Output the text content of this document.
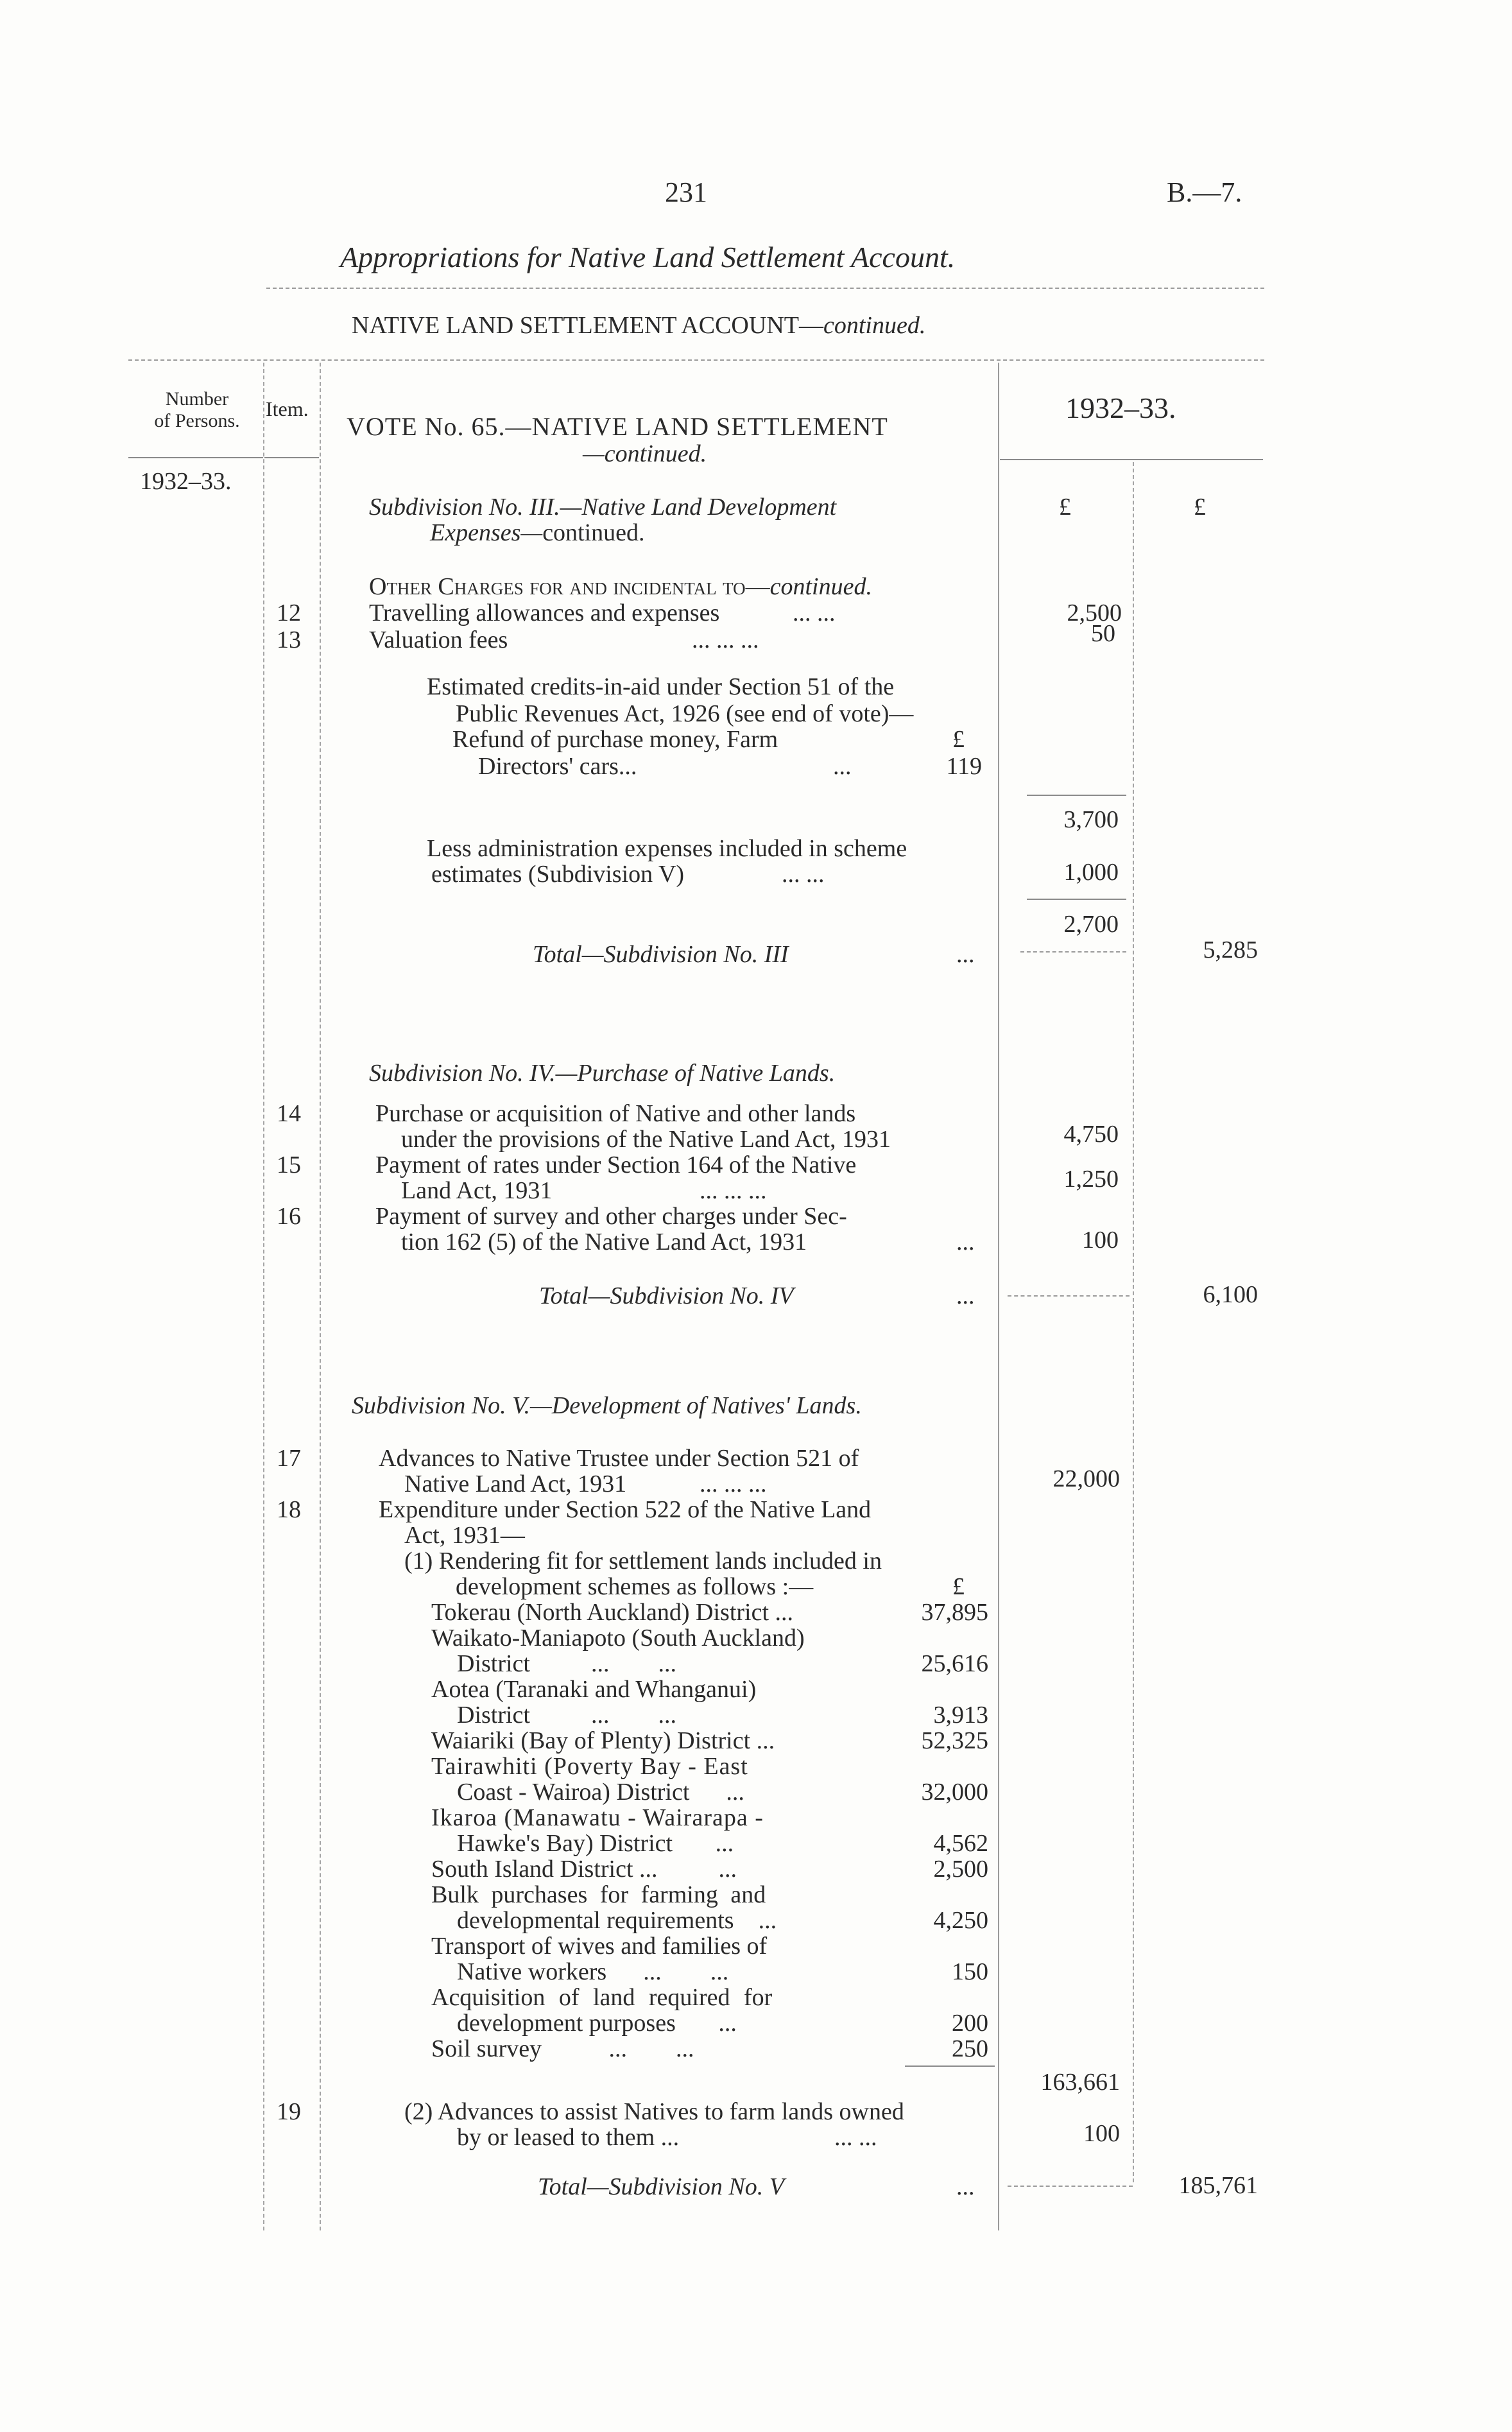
231	B.—7.
Appropriations for Native Land Settlement Account.
NATIVE LAND SETTLEMENT ACCOUNT—continued.
Number
of Persons.
Item.	1932–33.
1932–33.
£	£
VOTE No. 65.—NATIVE LAND SETTLEMENT
—continued.
Subdivision No. III.—Native Land Development
Expenses—continued.
Other Charges for and incidental to—continued.
12	Travelling allowances and expenses	... ...	2,500
13	Valuation fees	... ... ...	50
Estimated credits-in-aid under Section 51 of the
Public Revenues Act, 1926 (see end of vote)—
Refund of purchase money, Farm	£
Directors' cars...	...	119
3,700
Less administration expenses included in scheme
estimates (Subdivision V)	... ...	1,000
2,700
Total—Subdivision No. III	...	5,285
Subdivision No. IV.—Purchase of Native Lands.
14	Purchase or acquisition of Native and other lands
under the provisions of the Native Land Act, 1931	4,750
15	Payment of rates under Section 164 of the Native
Land Act, 1931	... ... ...	1,250
16	Payment of survey and other charges under Sec-
tion 162 (5) of the Native Land Act, 1931	...	100
Total—Subdivision No. IV	...	6,100
Subdivision No. V.—Development of Natives' Lands.
17	Advances to Native Trustee under Section 521 of
Native Land Act, 1931	... ... ...	22,000
18	Expenditure under Section 522 of the Native Land
Act, 1931—
(1) Rendering fit for settlement lands included in
development schemes as follows :—	£
Tokerau (North Auckland) District ...	37,895
Waikato-Maniapoto (South Auckland)
District          ...        ...	25,616
Aotea (Taranaki and Whanganui)
District          ...        ...	3,913
Waiariki (Bay of Plenty) District ...	52,325
Tairawhiti (Poverty Bay - East
Coast - Wairoa) District      ...	32,000
Ikaroa (Manawatu - Wairarapa -
Hawke's Bay) District       ...	4,562
South Island District ...          ...	2,500
Bulk purchases for farming and
developmental requirements    ...	4,250
Transport of wives and families of
Native workers      ...        ...	150
Acquisition of land required for
development purposes       ...	200
Soil survey           ...        ...	250
163,661
19	(2) Advances to assist Natives to farm lands owned
by or leased to them ...	... ...	100
Total—Subdivision No. V	...	185,761
